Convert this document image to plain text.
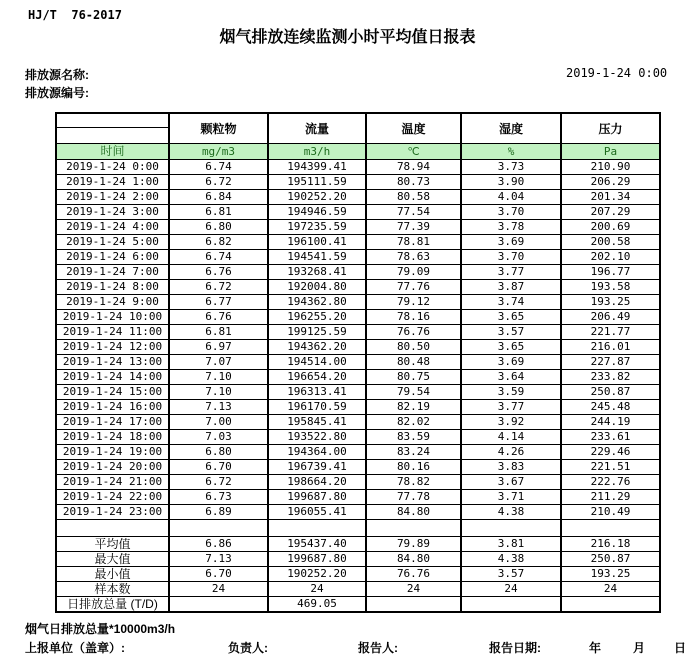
HJ/T  76-2017
烟气排放连续监测小时平均值日报表
排放源名称:
排放源编号:
2019-1-24 0:00
	颗粒物	流量	温度	湿度	压力
时间	mg/m3	m3/h	℃	%	Pa
2019-1-24 0:00	6.74	194399.41	78.94	3.73	210.90
2019-1-24 1:00	6.72	195111.59	80.73	3.90	206.29
2019-1-24 2:00	6.84	190252.20	80.58	4.04	201.34
2019-1-24 3:00	6.81	194946.59	77.54	3.70	207.29
2019-1-24 4:00	6.80	197235.59	77.39	3.78	200.69
2019-1-24 5:00	6.82	196100.41	78.81	3.69	200.58
2019-1-24 6:00	6.74	194541.59	78.63	3.70	202.10
2019-1-24 7:00	6.76	193268.41	79.09	3.77	196.77
2019-1-24 8:00	6.72	192004.80	77.76	3.87	193.58
2019-1-24 9:00	6.77	194362.80	79.12	3.74	193.25
2019-1-24 10:00	6.76	196255.20	78.16	3.65	206.49
2019-1-24 11:00	6.81	199125.59	76.76	3.57	221.77
2019-1-24 12:00	6.97	194362.20	80.50	3.65	216.01
2019-1-24 13:00	7.07	194514.00	80.48	3.69	227.87
2019-1-24 14:00	7.10	196654.20	80.75	3.64	233.82
2019-1-24 15:00	7.10	196313.41	79.54	3.59	250.87
2019-1-24 16:00	7.13	196170.59	82.19	3.77	245.48
2019-1-24 17:00	7.00	195845.41	82.02	3.92	244.19
2019-1-24 18:00	7.03	193522.80	83.59	4.14	233.61
2019-1-24 19:00	6.80	194364.00	83.24	4.26	229.46
2019-1-24 20:00	6.70	196739.41	80.16	3.83	221.51
2019-1-24 21:00	6.72	198664.20	78.82	3.67	222.76
2019-1-24 22:00	6.73	199687.80	77.78	3.71	211.29
2019-1-24 23:00	6.89	196055.41	84.80	4.38	210.49

平均值	6.86	195437.40	79.89	3.81	216.18
最大值	7.13	199687.80	84.80	4.38	250.87
最小值	6.70	190252.20	76.76	3.57	193.25
样本数	24	24	24	24	24
日排放总量 (T/D)		469.05			
烟气日排放总量*10000m3/h
上报单位（盖章）:	负责人:	报告人:	报告日期:	年	月 日
